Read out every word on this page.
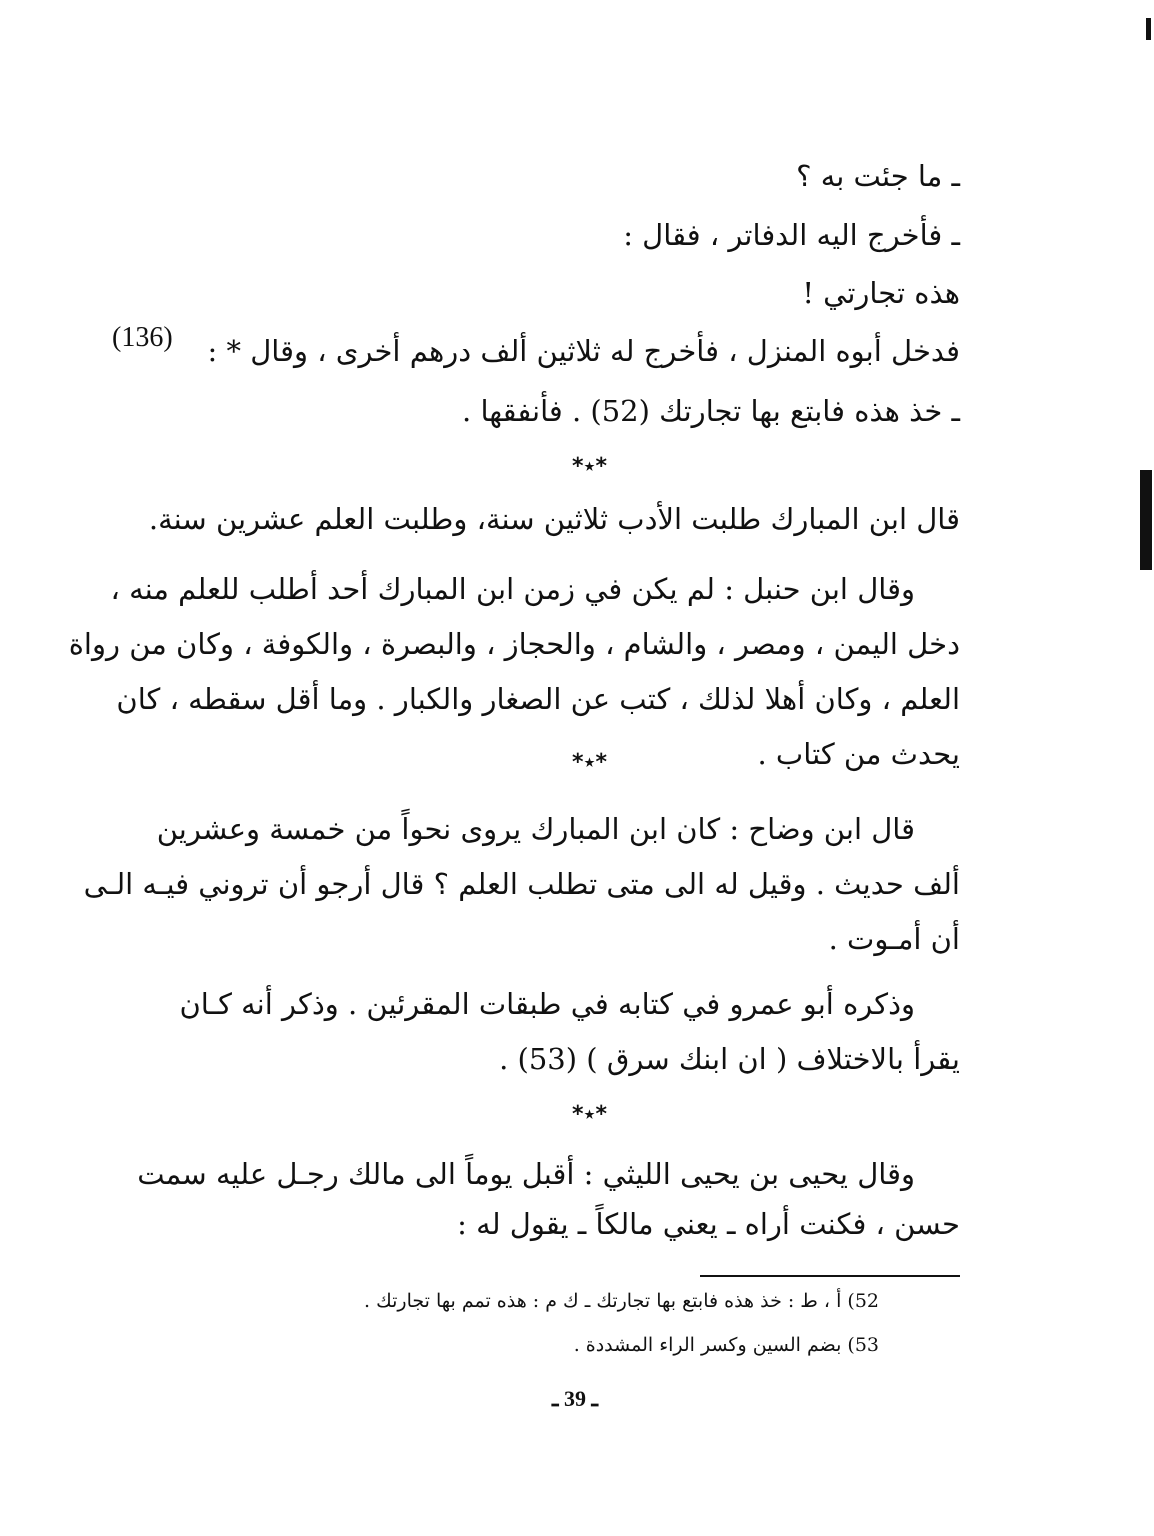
(136)
ـ ما جئت به ؟
ـ فأخرج اليه الدفاتر ، فقال :
هذه تجارتي !
فدخل أبوه المنزل ، فأخرج له ثلاثين ألف درهم أخرى ، وقال * :
ـ خذ هذه فابتع بها تجارتك (52) . فأنفقها .
قال ابن المبارك طلبت الأدب ثلاثين سنة، وطلبت العلم عشرين سنة.
وقال ابن حنبل : لم يكن في زمن ابن المبارك أحد أطلب للعلم منه ،
دخل اليمن ، ومصر ، والشام ، والحجاز ، والبصرة ، والكوفة ، وكان من رواة
العلم ، وكان أهلا لذلك ، كتب عن الصغار والكبار . وما أقل سقطه ، كان
يحدث من كتاب .
قال ابن وضاح : كان ابن المبارك يروى نحواً من خمسة وعشرين
ألف حديث . وقيل له الى متى تطلب العلم ؟ قال أرجو أن تروني فيـه الـى
أن أمـوت .
وذكره أبو عمرو في كتابه في طبقات المقرئين . وذكر أنه كـان
يقرأ بالاختلاف ( ان ابنك سرق ) (53) .
وقال يحيى بن يحيى الليثي : أقبل يوماً الى مالك رجـل عليه سمت
حسن ، فكنت أراه ـ يعني مالكاً ـ يقول له :
*٭*
*٭*
*٭*
52) أ ، ط : خذ هذه فابتع بها تجارتك ـ ك م : هذه تمم بها تجارتك .
53) بضم السين وكسر الراء المشددة .
ـ 39 ـ
